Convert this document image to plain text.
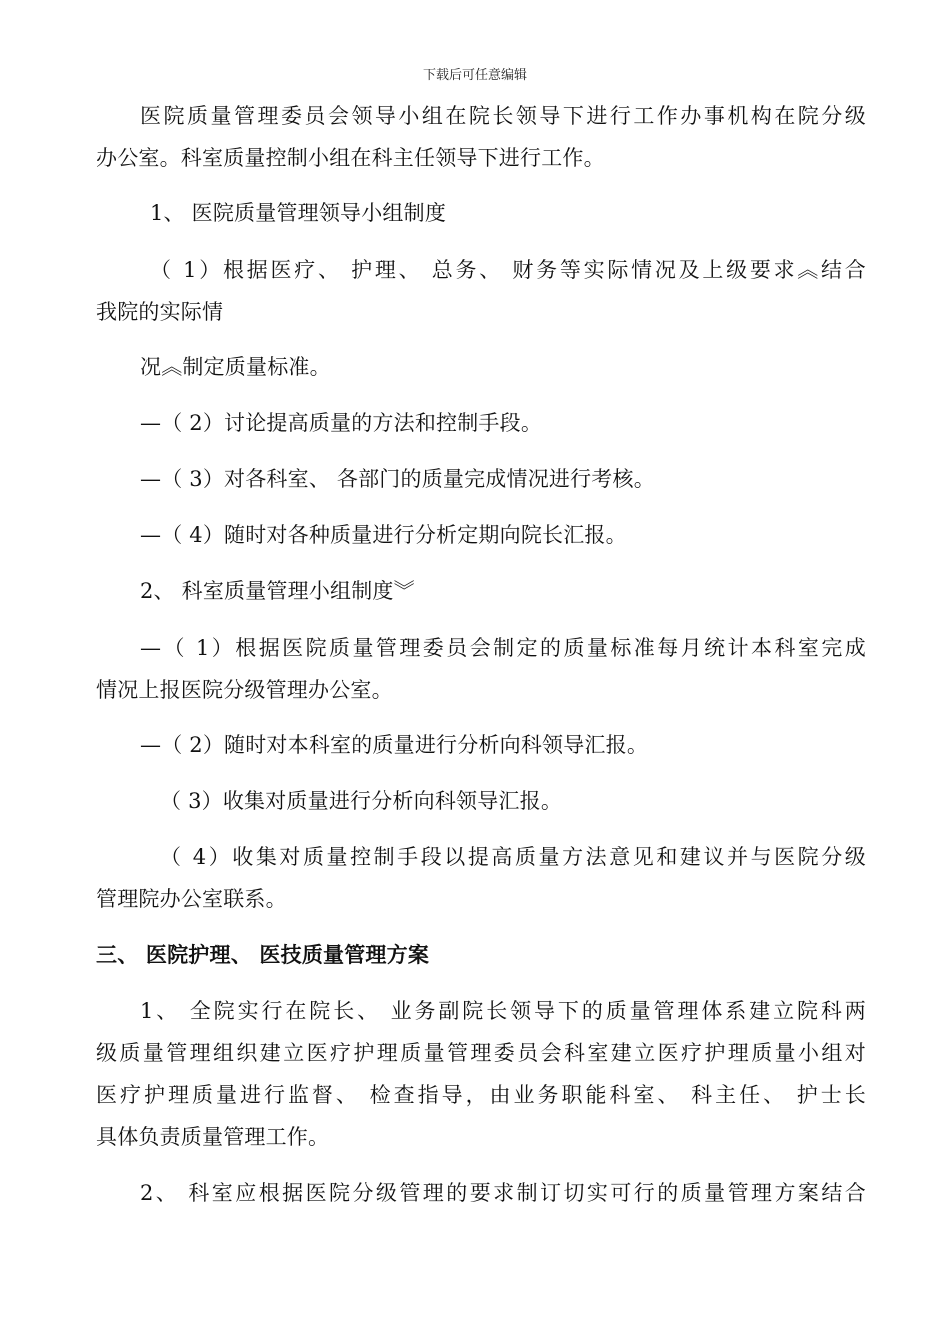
下载后可任意编辑
医院质量管理委员会领导小组在院长领导下进行工作办事机构在院分级
办公室。科室质量控制小组在科主任领导下进行工作。
1、 医院质量管理领导小组制度
（ 1）根据医疗、 护理、 总务、 财务等实际情况及上级要求︽结合
我院的实际情
况︽制定质量标准。
—（ 2）讨论提高质量的方法和控制手段。
—（ 3）对各科室、 各部门的质量完成情况进行考核。
—（ 4）随时对各种质量进行分析定期向院长汇报。
2、 科室质量管理小组制度︾
—（ 1）根据医院质量管理委员会制定的质量标准每月统计本科室完成
情况上报医院分级管理办公室。
—（ 2）随时对本科室的质量进行分析向科领导汇报。
（ 3）收集对质量进行分析向科领导汇报。
（ 4）收集对质量控制手段以提高质量方法意见和建议并与医院分级
管理院办公室联系。
三、 医院护理、 医技质量管理方案
1、 全院实行在院长、 业务副院长领导下的质量管理体系建立院科两
级质量管理组织建立医疗护理质量管理委员会科室建立医疗护理质量小组对
医疗护理质量进行监督、 检查指导，由业务职能科室、 科主任、 护士长
具体负责质量管理工作。
2、 科室应根据医院分级管理的要求制订切实可行的质量管理方案结合
